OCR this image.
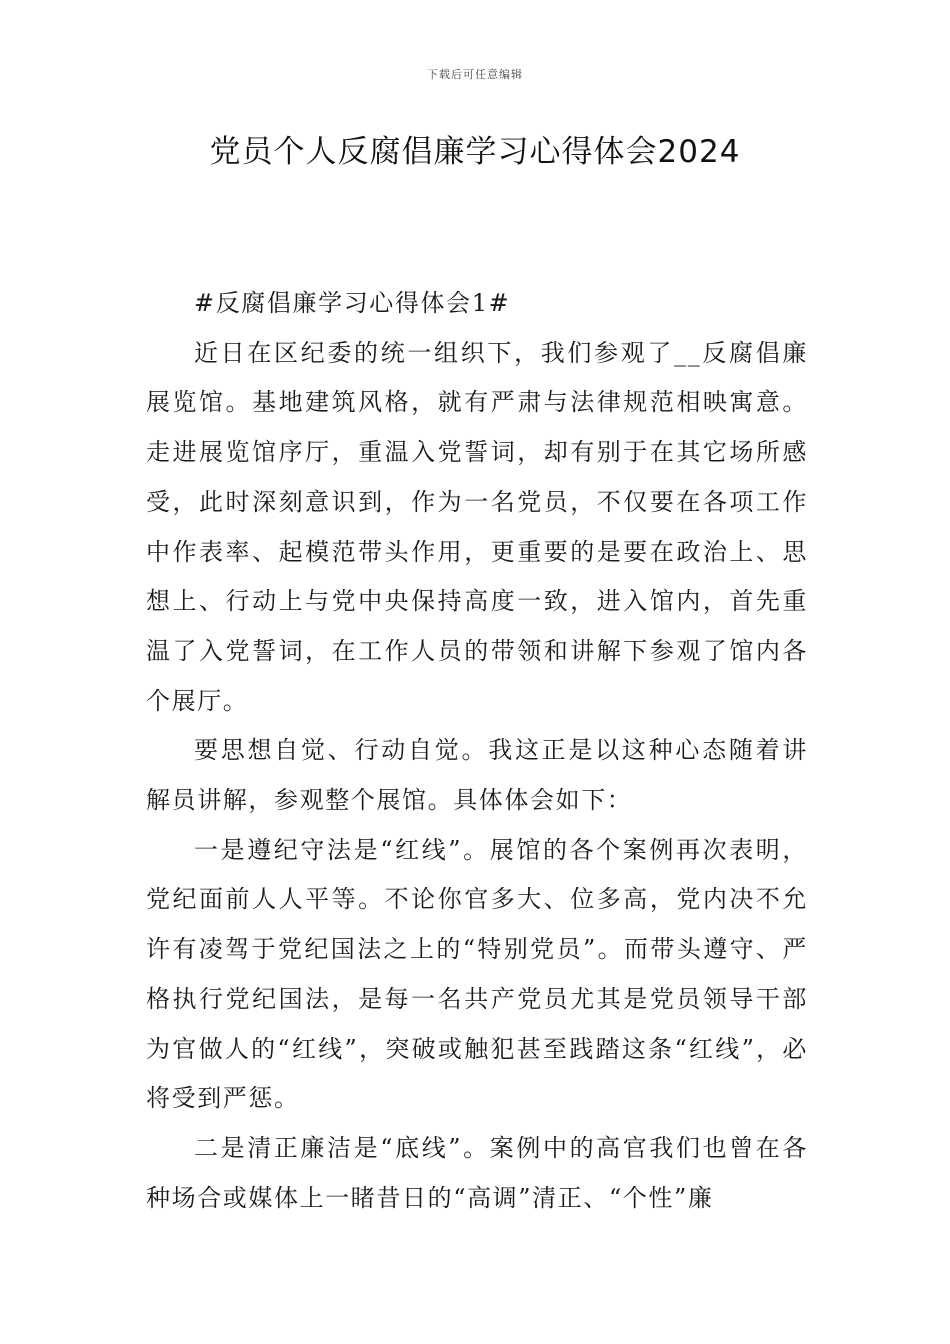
下载后可任意编辑
党员个人反腐倡廉学习心得体会2024

#反腐倡廉学习心得体会1#

近日在区纪委的统一组织下，我们参观了__反腐倡廉展览馆。基地建筑风格，就有严肃与法律规范相映寓意。走进展览馆序厅，重温入党誓词，却有别于在其它场所感受，此时深刻意识到，作为一名党员，不仅要在各项工作中作表率、起模范带头作用，更重要的是要在政治上、思想上、行动上与党中央保持高度一致，进入馆内，首先重温了入党誓词，在工作人员的带领和讲解下参观了馆内各个展厅。

要思想自觉、行动自觉。我这正是以这种心态随着讲解员讲解，参观整个展馆。具体体会如下：

一是遵纪守法是“红线”。展馆的各个案例再次表明，党纪面前人人平等。不论你官多大、位多高，党内决不允许有凌驾于党纪国法之上的“特别党员”。而带头遵守、严格执行党纪国法，是每一名共产党员尤其是党员领导干部为官做人的“红线”，突破或触犯甚至践踏这条“红线”，必将受到严惩。

二是清正廉洁是“底线”。案例中的高官我们也曾在各种场合或媒体上一睹昔日的“高调”清正、“个性”廉
